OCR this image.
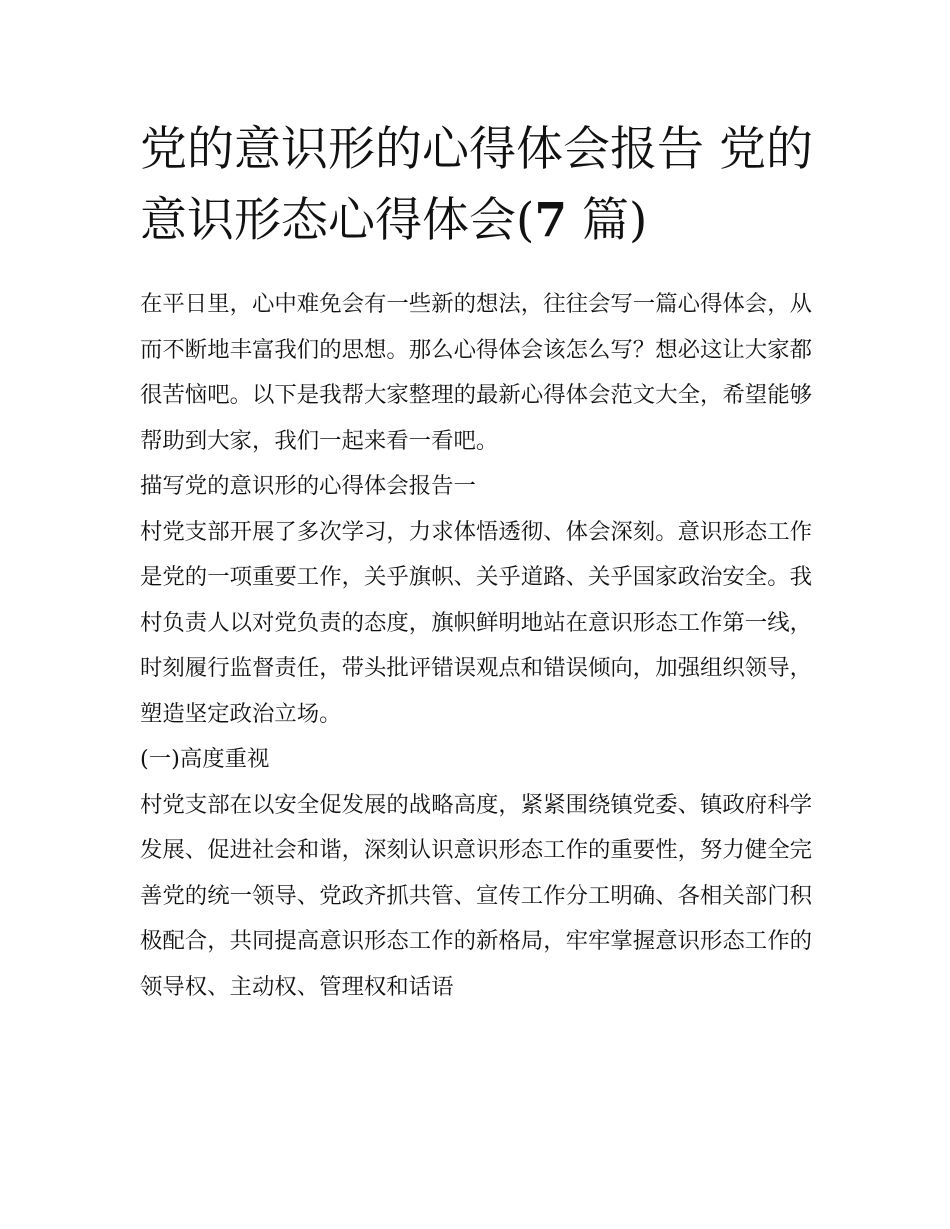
党的意识形的心得体会报告 党的意识形态心得体会(7 篇)

在平日里，心中难免会有一些新的想法，往往会写一篇心得体会，从而不断地丰富我们的思想。那么心得体会该怎么写？想必这让大家都很苦恼吧。以下是我帮大家整理的最新心得体会范文大全，希望能够帮助到大家，我们一起来看一看吧。

描写党的意识形的心得体会报告一

村党支部开展了多次学习，力求体悟透彻、体会深刻。意识形态工作是党的一项重要工作，关乎旗帜、关乎道路、关乎国家政治安全。我村负责人以对党负责的态度，旗帜鲜明地站在意识形态工作第一线，时刻履行监督责任，带头批评错误观点和错误倾向，加强组织领导，塑造坚定政治立场。

(一)高度重视

村党支部在以安全促发展的战略高度，紧紧围绕镇党委、镇政府科学发展、促进社会和谐，深刻认识意识形态工作的重要性，努力健全完善党的统一领导、党政齐抓共管、宣传工作分工明确、各相关部门积极配合，共同提高意识形态工作的新格局，牢牢掌握意识形态工作的领导权、主动权、管理权和话语
